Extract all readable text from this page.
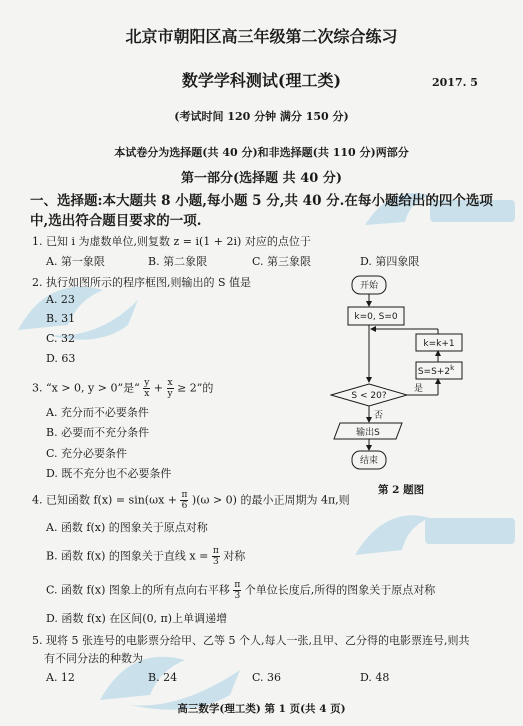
北京市朝阳区高三年级第二次综合练习
数学学科测试(理工类)	2017. 5
(考试时间 120 分钟 满分 150 分)
本试卷分为选择题(共 40 分)和非选择题(共 110 分)两部分
第一部分(选择题 共 40 分)
一、选择题:本大题共 8 小题,每小题 5 分,共 40 分.在每小题给出的四个选项中,选出符合题目要求的一项.
1. 已知 i 为虚数单位,则复数 z = i(1 + 2i) 对应的点位于
A. 第一象限	B. 第二象限	C. 第三象限	D. 第四象限
2. 执行如图所示的程序框图,则输出的 S 值是
A. 23
B. 31
C. 32
D. 63
3. “x > 0, y > 0”是“ $\frac{y}{x} + \frac{x}{y} \ge 2$”的
A. 充分而不必要条件
B. 必要而不充分条件
C. 充分必要条件
D. 既不充分也不必要条件
4. 已知函数 $f(x) = \sin(\omega x + \frac{\pi}{6} )(\omega > 0)$ 的最小正周期为 4π,则
A. 函数 f(x) 的图象关于原点对称
B. 函数 f(x) 的图象关于直线 $x = \frac{\pi}{3}$ 对称
C. 函数 f(x) 图象上的所有点向右平移 $\frac{\pi}{3}$ 个单位长度后,所得的图象关于原点对称
D. 函数 f(x) 在区间(0, π)上单调递增
5. 现将 5 张连号的电影票分给甲、乙等 5 个人,每人一张,且甲、乙分得的电影票连号,则共
有不同分法的种数为
A. 12	B. 24	C. 36	D. 48
开始
k=0, S=0
S < 20?
是
否
$S=S+2^k$
k=k+1
输出S
结束
第 2 题图
高三数学(理工类) 第 1 页(共 4 页)
